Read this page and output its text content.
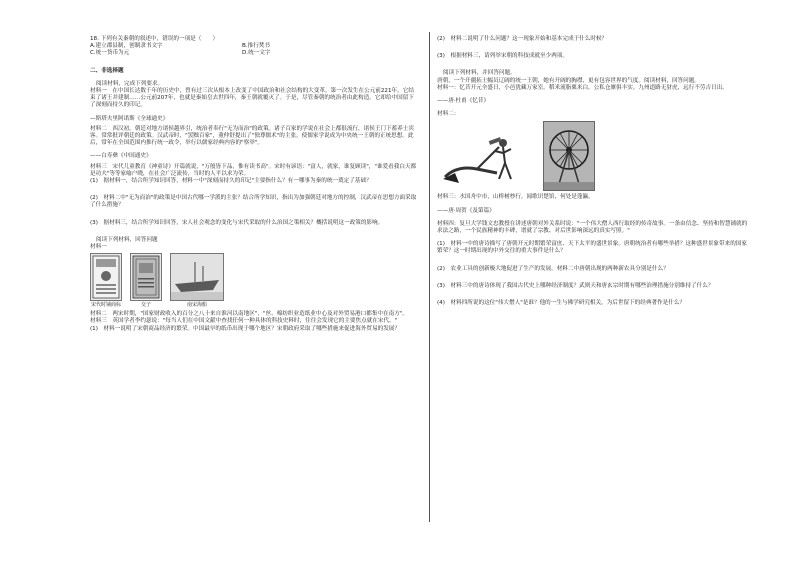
18. 下列有关秦朝的叙述中，错误的一项是（　　）

A.建立郡县制，创制隶书文字	B.推行焚书
C.统一货币为元	D.统一文字

二、非选择题

阅读材料，完成下列要求。

材料一　在中国长达数千年的历史中，曾有过三次从根本上改变了中国政治和社会结构的大变革。第一次发生在公元前221年，它结束了诸王并建制……公元前207年，也就是秦始皇去世四年，秦王朝就覆灭了。于是，尽管秦朝的统治者由此构造，它却给中国留下了深刻而持久的印记。

—斯塔夫里阿诺斯《全球通史》

材料二　西汉初，朝廷对地方诸侯越界引，统治者奉行"无为而治"的政策。诸子百家的学说在社会上都很流行，诸侯王门下蓄养士宾客。常常批评朝廷的政策。汉武帝时，"罢黜百家"，董仲舒提出了"独尊儒术"的主张，使儒家学说成为中央统一王朝的正统思想。此后，常年在全国范围内推行统一政令，举行以儒家经典内容的"察举"。

——白寿彝《中国通史》

材料三　宋代儿童教育《神童诗》开篇就说，"万般皆下品，惟有读书高"。宋时有谚语："富人，就家，谁复顾读"，"谁爱看我白天都是功夫"等等家喻户晓，在社会广泛流传，当时的人平以求为荣。

(1)　据材料一，结合所学知识回答，材料一中"深刻而持久的印记"主要指什么？有一哪事为秦的统一奠定了基础？

(2)　材料二中"无为而治"的政策是中国古代哪一学派的主张？结合所学知识，指出为加强朝廷对地方的控制，汉武帝在思想方面采取了什么措施？

(3)　据材料三，结合所学知识回答，宋人社会观念的变化与宋代采取的什么治国之策相关？概括说明这一政策的影响。

阅读下列材料，回答问题

材料一

宋代时铺商标	交子	南宋海船

材料二　两宋时期，"国家财政收入的百分之八十来自淮河以南地区"，"丝、棉纺织业造纸业中心及对外贸易港口都集中在南方"。

材料三　英国学者李约瑟说："每当人们在中国文献中查找任何一种具体的科技史料时，往往会发现它的主要焦点就在宋代。"

(1)　材料一说明了宋朝商品经济的繁荣。中国最早的纸币出现于哪个地区？宋朝政府采取了哪些措施来促进海外贸易的发展？

(2)　材料二说明了什么问题？这一现象开始和基本完成于什么时候？

(3)　根据材料三，请列举宋朝的科技成就至少两项。

阅读下列材料，并回答问题。

唐朝，一个开疆拓土幅员辽阔的统一王朝，她有开阔的胸襟，更有包容世界的气度。阅读材料，回答问题。

材料一：忆昔开元全盛日，小邑犹藏万家室。稻米流脂粟米白，公私仓廪俱丰实。九州道路无豺虎，远行不劳吉日出。

——唐·杜甫《忆昔》

材料二：

材料三：水国舟中市，山桥树杪行。闻歌识楚馆，何处是蓬瀛。

——唐·周贺《及第篇》

材料四：复旦大学钱文忠教授在讲述唐朝对外关系时说："一个伟大僧人西行取经的传奇故事。一条由信念、坚持和智慧铺就的求法之路，一个民族精神的丰碑，谱就了宗教、对后世影响深远的真实写照。"

(1)　材料一中的唐诗描写了唐朝开元时期繁荣富庶、天下太平的盛世景象。唐朝统治者有哪些举措？这种盛世景象带来的国家繁荣？这一时期出现的中外交往的重大事件是什么？

(2)　农业工具的创新极大地促进了生产的发展。材料二中唐朝出现的两种新农具分别是什么？

(3)　材料三中的唐诗体现了我国古代史上哪种经济制度？武则天和唐玄宗时期有哪些治理措施分别维持了什么？

(4)　材料四所说的这位"伟大僧人"是谁？他的一生与佛学研究相关，为后世留下的经典著作是什么？
